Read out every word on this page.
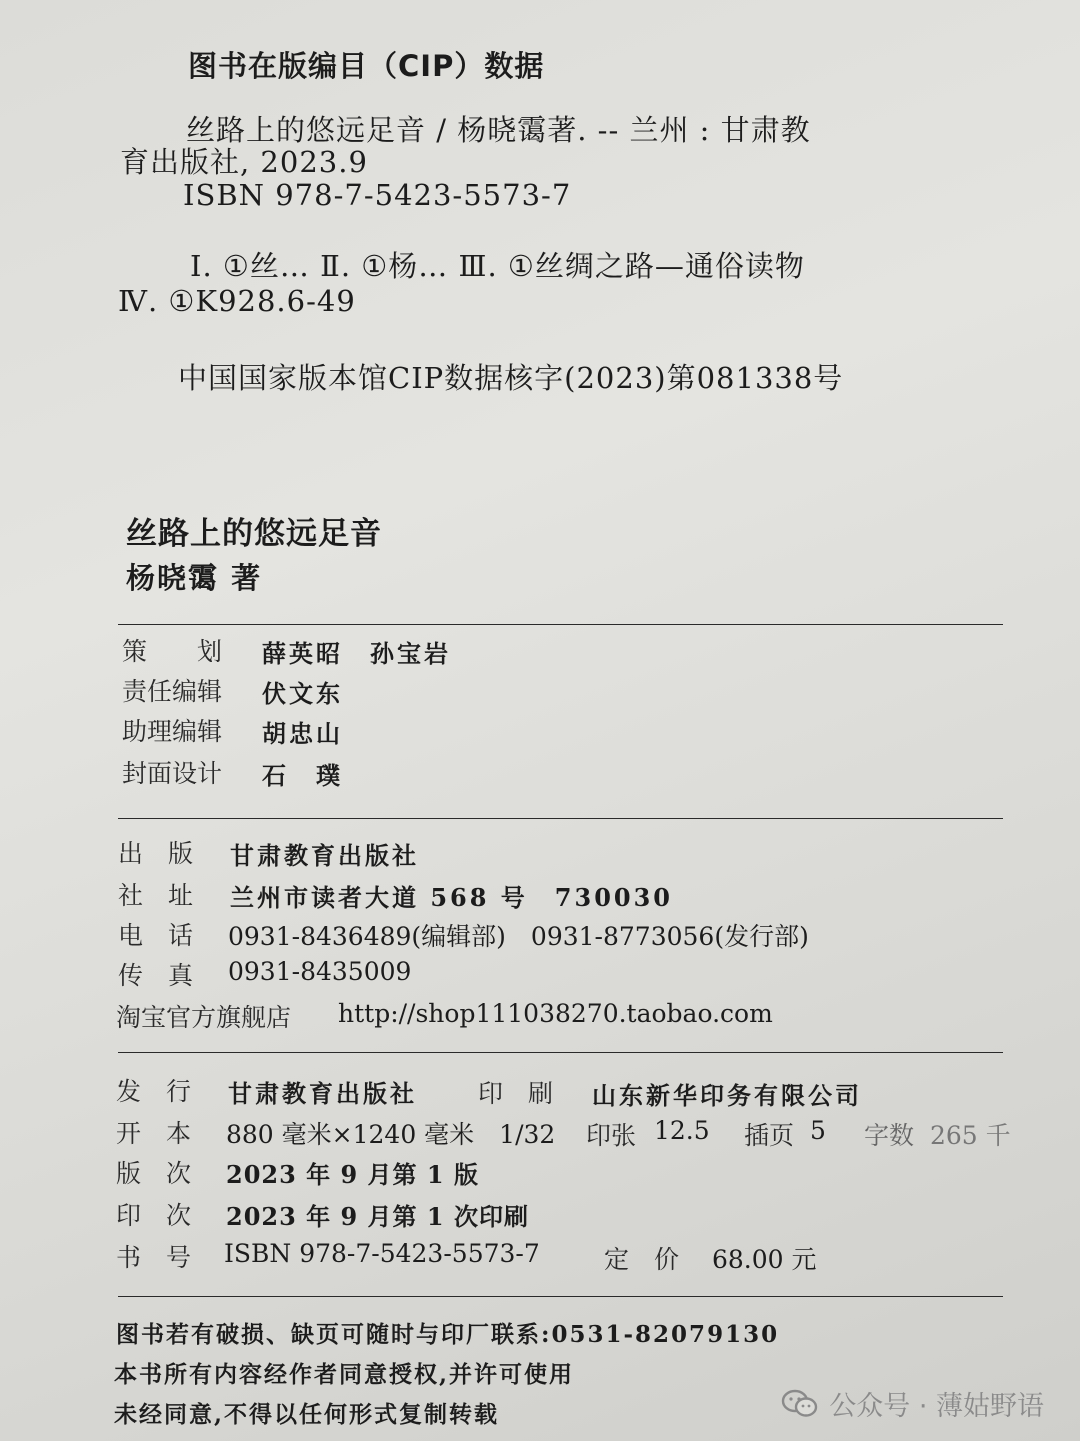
图书在版编目（CIP）数据
丝路上的悠远足音 / 杨晓霭著. -- 兰州 : 甘肃教
育出版社, 2023.9
ISBN 978-7-5423-5573-7
Ⅰ. ①丝… Ⅱ. ①杨… Ⅲ. ①丝绸之路—通俗读物
Ⅳ. ①K928.6-49
中国国家版本馆CIP数据核字(2023)第081338号
丝路上的悠远足音
杨晓霭 著
策　　划 薛英昭　孙宝岩
责任编辑 伏文东
助理编辑 胡忠山
封面设计 石　璞
出　版 甘肃教育出版社
社　址 兰州市读者大道 568 号　730030
电　话 0931-8436489(编辑部)　0931-8773056(发行部)
传　真 0931-8435009
淘宝官方旗舰店 http://shop111038270.taobao.com
发　行 甘肃教育出版社 印　刷 山东新华印务有限公司
开　本 880 毫米×1240 毫米　1/32 印张 12.5 插页 5 字数 265 千
版　次 2023 年 9 月第 1 版
印　次 2023 年 9 月第 1 次印刷
书　号 ISBN 978-7-5423-5573-7	定　价 68.00 元
图书若有破损、缺页可随时与印厂联系:0531-82079130
本书所有内容经作者同意授权,并许可使用
未经同意,不得以任何形式复制转载	公众号 · 薄姑野语
